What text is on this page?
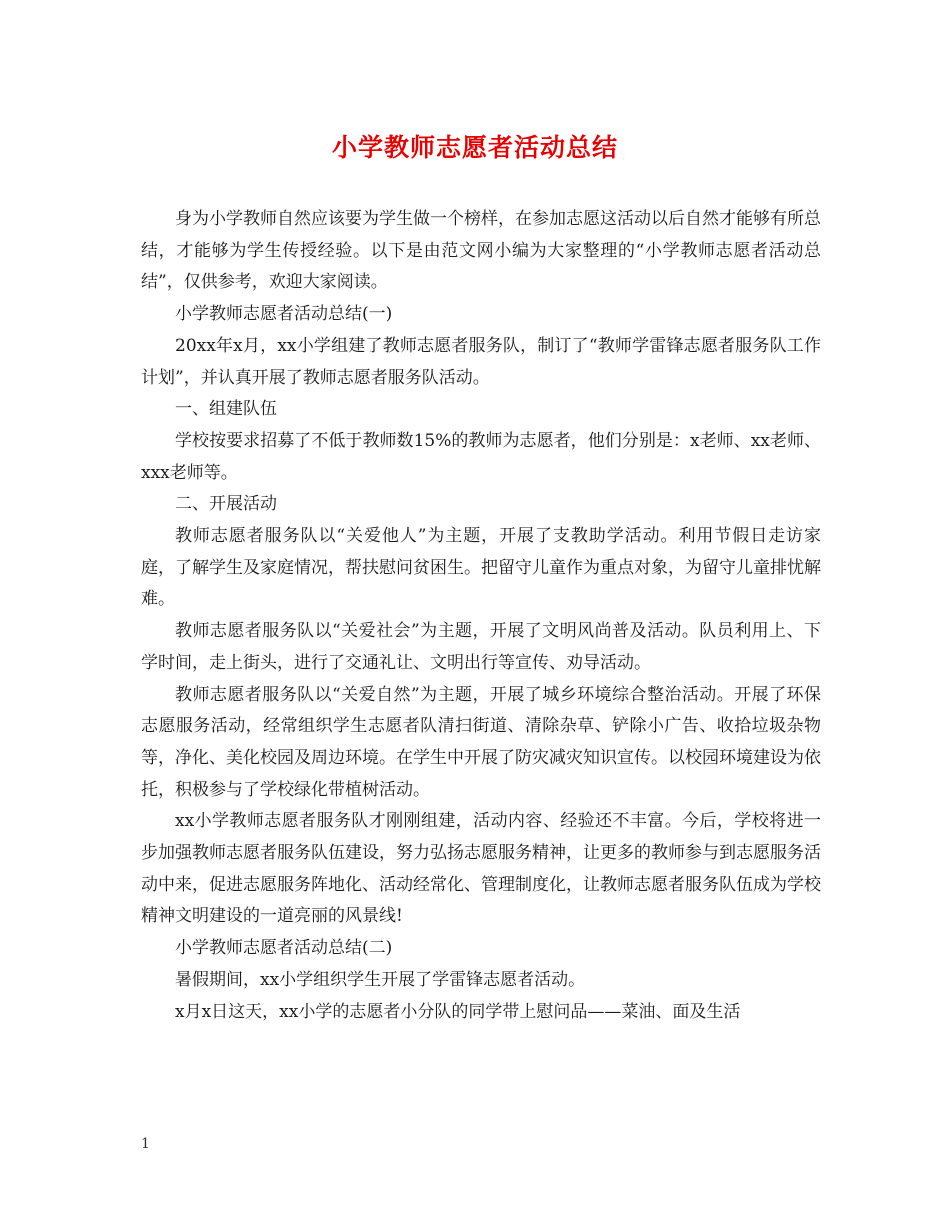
小学教师志愿者活动总结

身为小学教师自然应该要为学生做一个榜样，在参加志愿这活动以后自然才能够有所总结，才能够为学生传授经验。以下是由范文网小编为大家整理的“小学教师志愿者活动总结”，仅供参考，欢迎大家阅读。

小学教师志愿者活动总结(一)

20xx年x月，xx小学组建了教师志愿者服务队，制订了“教师学雷锋志愿者服务队工作计划”，并认真开展了教师志愿者服务队活动。

一、组建队伍

学校按要求招募了不低于教师数15%的教师为志愿者，他们分别是：x老师、xx老师、xxx老师等。

二、开展活动

教师志愿者服务队以“关爱他人”为主题，开展了支教助学活动。利用节假日走访家庭，了解学生及家庭情况，帮扶慰问贫困生。把留守儿童作为重点对象，为留守儿童排忧解难。

教师志愿者服务队以“关爱社会”为主题，开展了文明风尚普及活动。队员利用上、下学时间，走上街头，进行了交通礼让、文明出行等宣传、劝导活动。

教师志愿者服务队以“关爱自然”为主题，开展了城乡环境综合整治活动。开展了环保志愿服务活动，经常组织学生志愿者队清扫街道、清除杂草、铲除小广告、收拾垃圾杂物等，净化、美化校园及周边环境。在学生中开展了防灾减灾知识宣传。以校园环境建设为依托，积极参与了学校绿化带植树活动。

xx小学教师志愿者服务队才刚刚组建，活动内容、经验还不丰富。今后，学校将进一步加强教师志愿者服务队伍建设，努力弘扬志愿服务精神，让更多的教师参与到志愿服务活动中来，促进志愿服务阵地化、活动经常化、管理制度化，让教师志愿者服务队伍成为学校精神文明建设的一道亮丽的风景线!

小学教师志愿者活动总结(二)

暑假期间，xx小学组织学生开展了学雷锋志愿者活动。

x月x日这天，xx小学的志愿者小分队的同学带上慰问品——菜油、面及生活

1
